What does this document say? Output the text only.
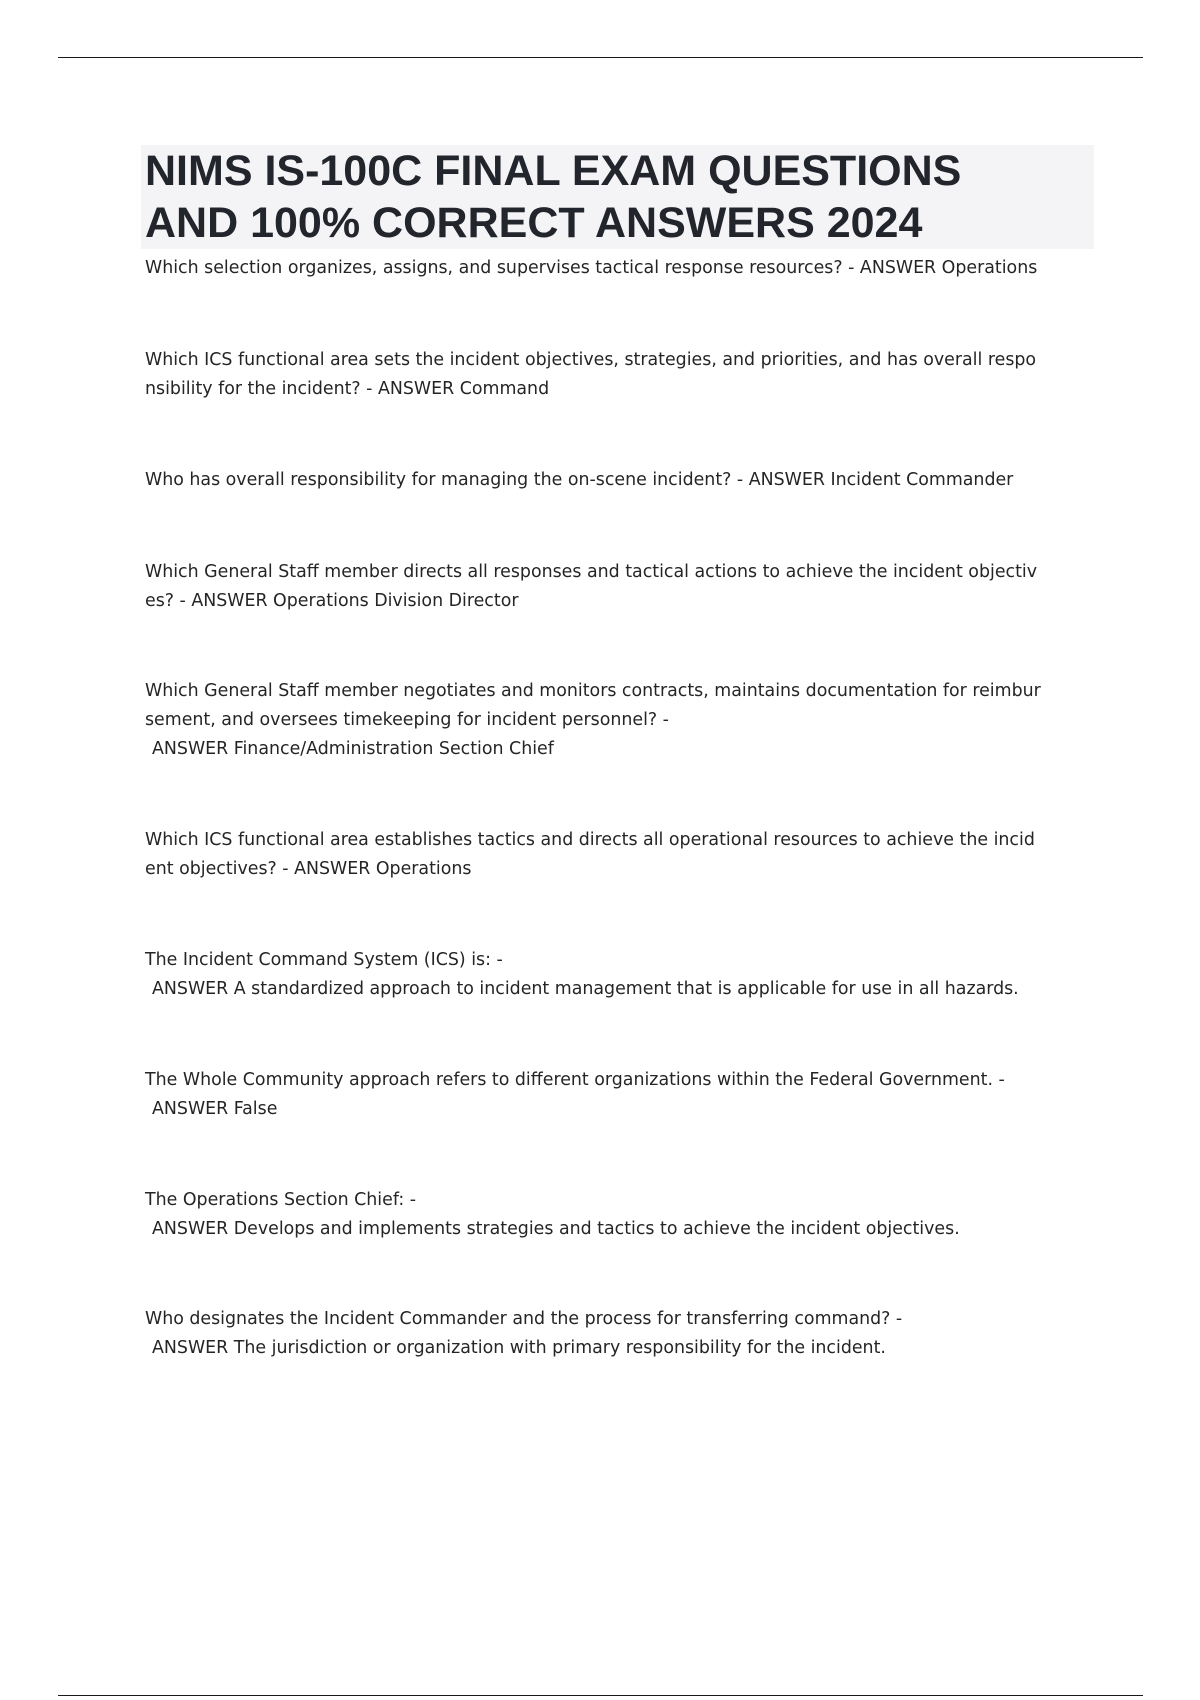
NIMS IS-100C FINAL EXAM QUESTIONS
AND 100% CORRECT ANSWERS 2024
Which selection organizes, assigns, and supervises tactical response resources? - ANSWER Operations
Which ICS functional area sets the incident objectives, strategies, and priorities, and has overall respo
nsibility for the incident? - ANSWER Command
Who has overall responsibility for managing the on-scene incident? - ANSWER Incident Commander
Which General Staff member directs all responses and tactical actions to achieve the incident objectiv
es? - ANSWER Operations Division Director
Which General Staff member negotiates and monitors contracts, maintains documentation for reimbur
sement, and oversees timekeeping for incident personnel? -
ANSWER Finance/Administration Section Chief
Which ICS functional area establishes tactics and directs all operational resources to achieve the incid
ent objectives? - ANSWER Operations
The Incident Command System (ICS) is: -
ANSWER A standardized approach to incident management that is applicable for use in all hazards.
The Whole Community approach refers to different organizations within the Federal Government. -
ANSWER False
The Operations Section Chief: -
ANSWER Develops and implements strategies and tactics to achieve the incident objectives.
Who designates the Incident Commander and the process for transferring command? -
ANSWER The jurisdiction or organization with primary responsibility for the incident.
